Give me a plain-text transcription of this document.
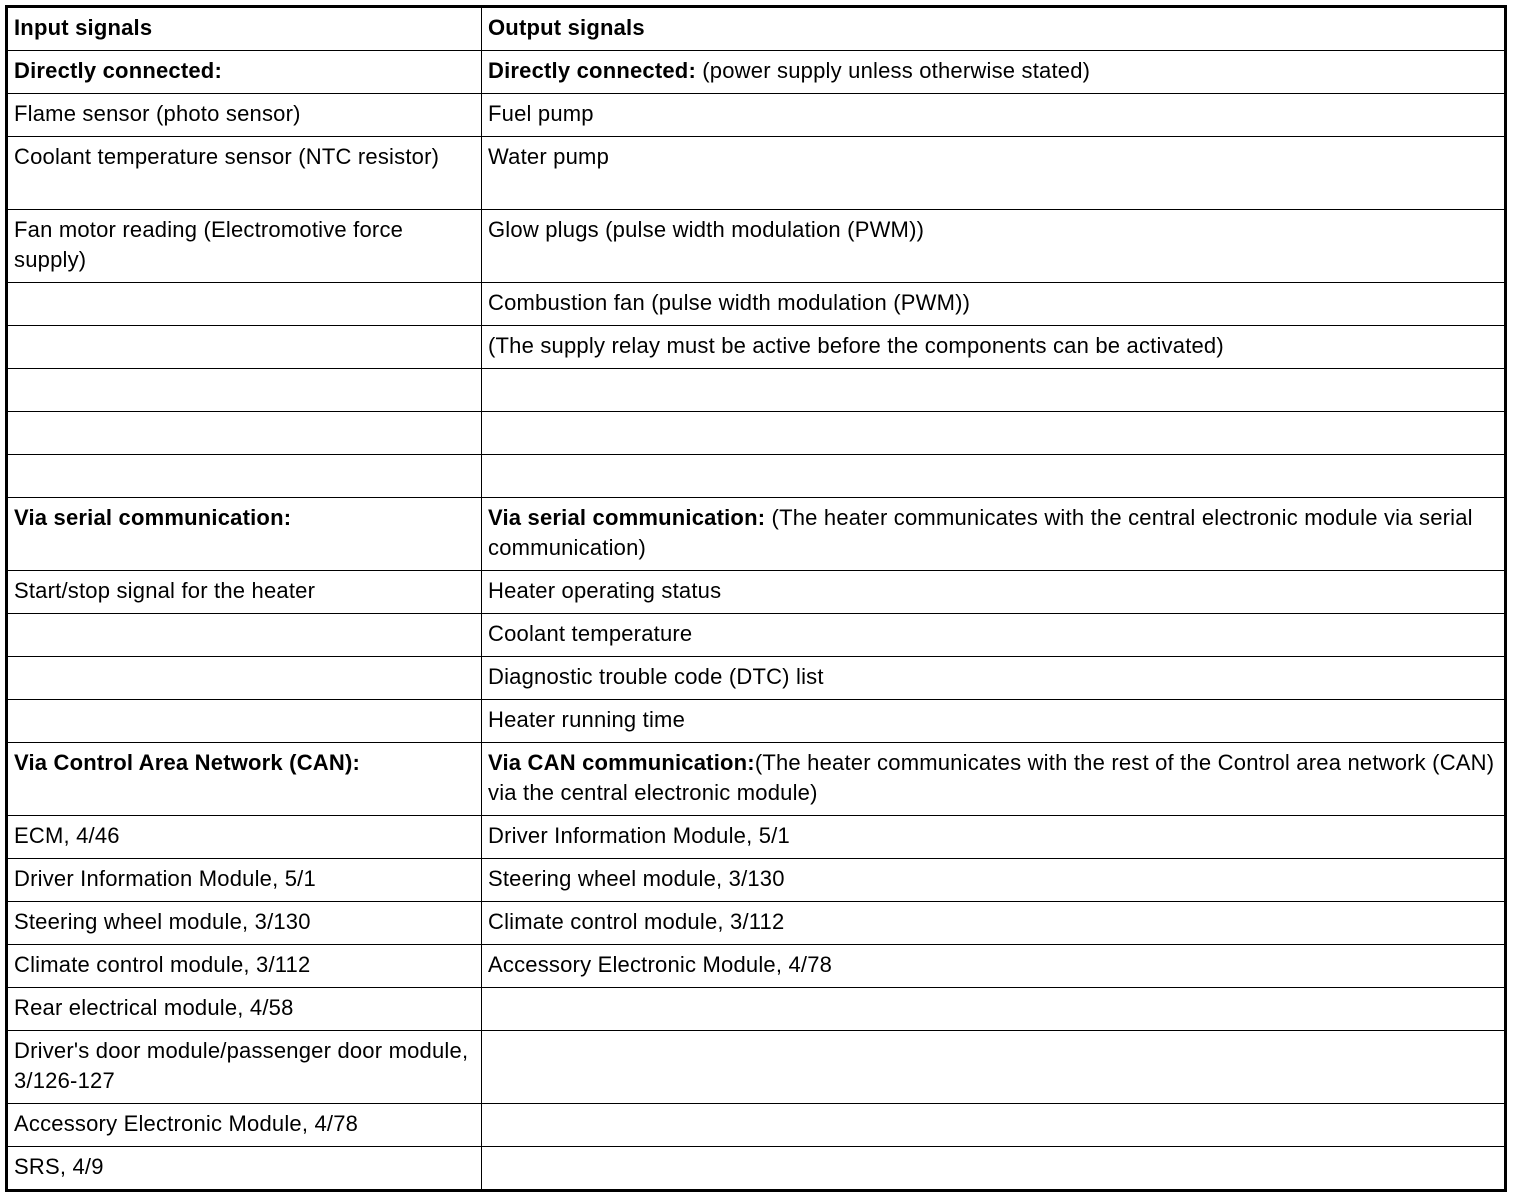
Input signals	Output signals
Directly connected:	Directly connected: (power supply unless otherwise stated)
Flame sensor (photo sensor)	Fuel pump
Coolant temperature sensor (NTC resistor)	Water pump
Fan motor reading (Electromotive force supply)	Glow plugs (pulse width modulation (PWM))
	Combustion fan (pulse width modulation (PWM))
	(The supply relay must be active before the components can be activated)

Via serial communication:	Via serial communication: (The heater communicates with the central electronic module via serial communication)
Start/stop signal for the heater	Heater operating status
	Coolant temperature
	Diagnostic trouble code (DTC) list
	Heater running time
Via Control Area Network (CAN):	Via CAN communication:(The heater communicates with the rest of the Control area network (CAN) via the central electronic module)
ECM, 4/46	Driver Information Module, 5/1
Driver Information Module, 5/1	Steering wheel module, 3/130
Steering wheel module, 3/130	Climate control module, 3/112
Climate control module, 3/112	Accessory Electronic Module, 4/78
Rear electrical module, 4/58	
Driver's door module/passenger door module, 3/126-127	
Accessory Electronic Module, 4/78	
SRS, 4/9	
